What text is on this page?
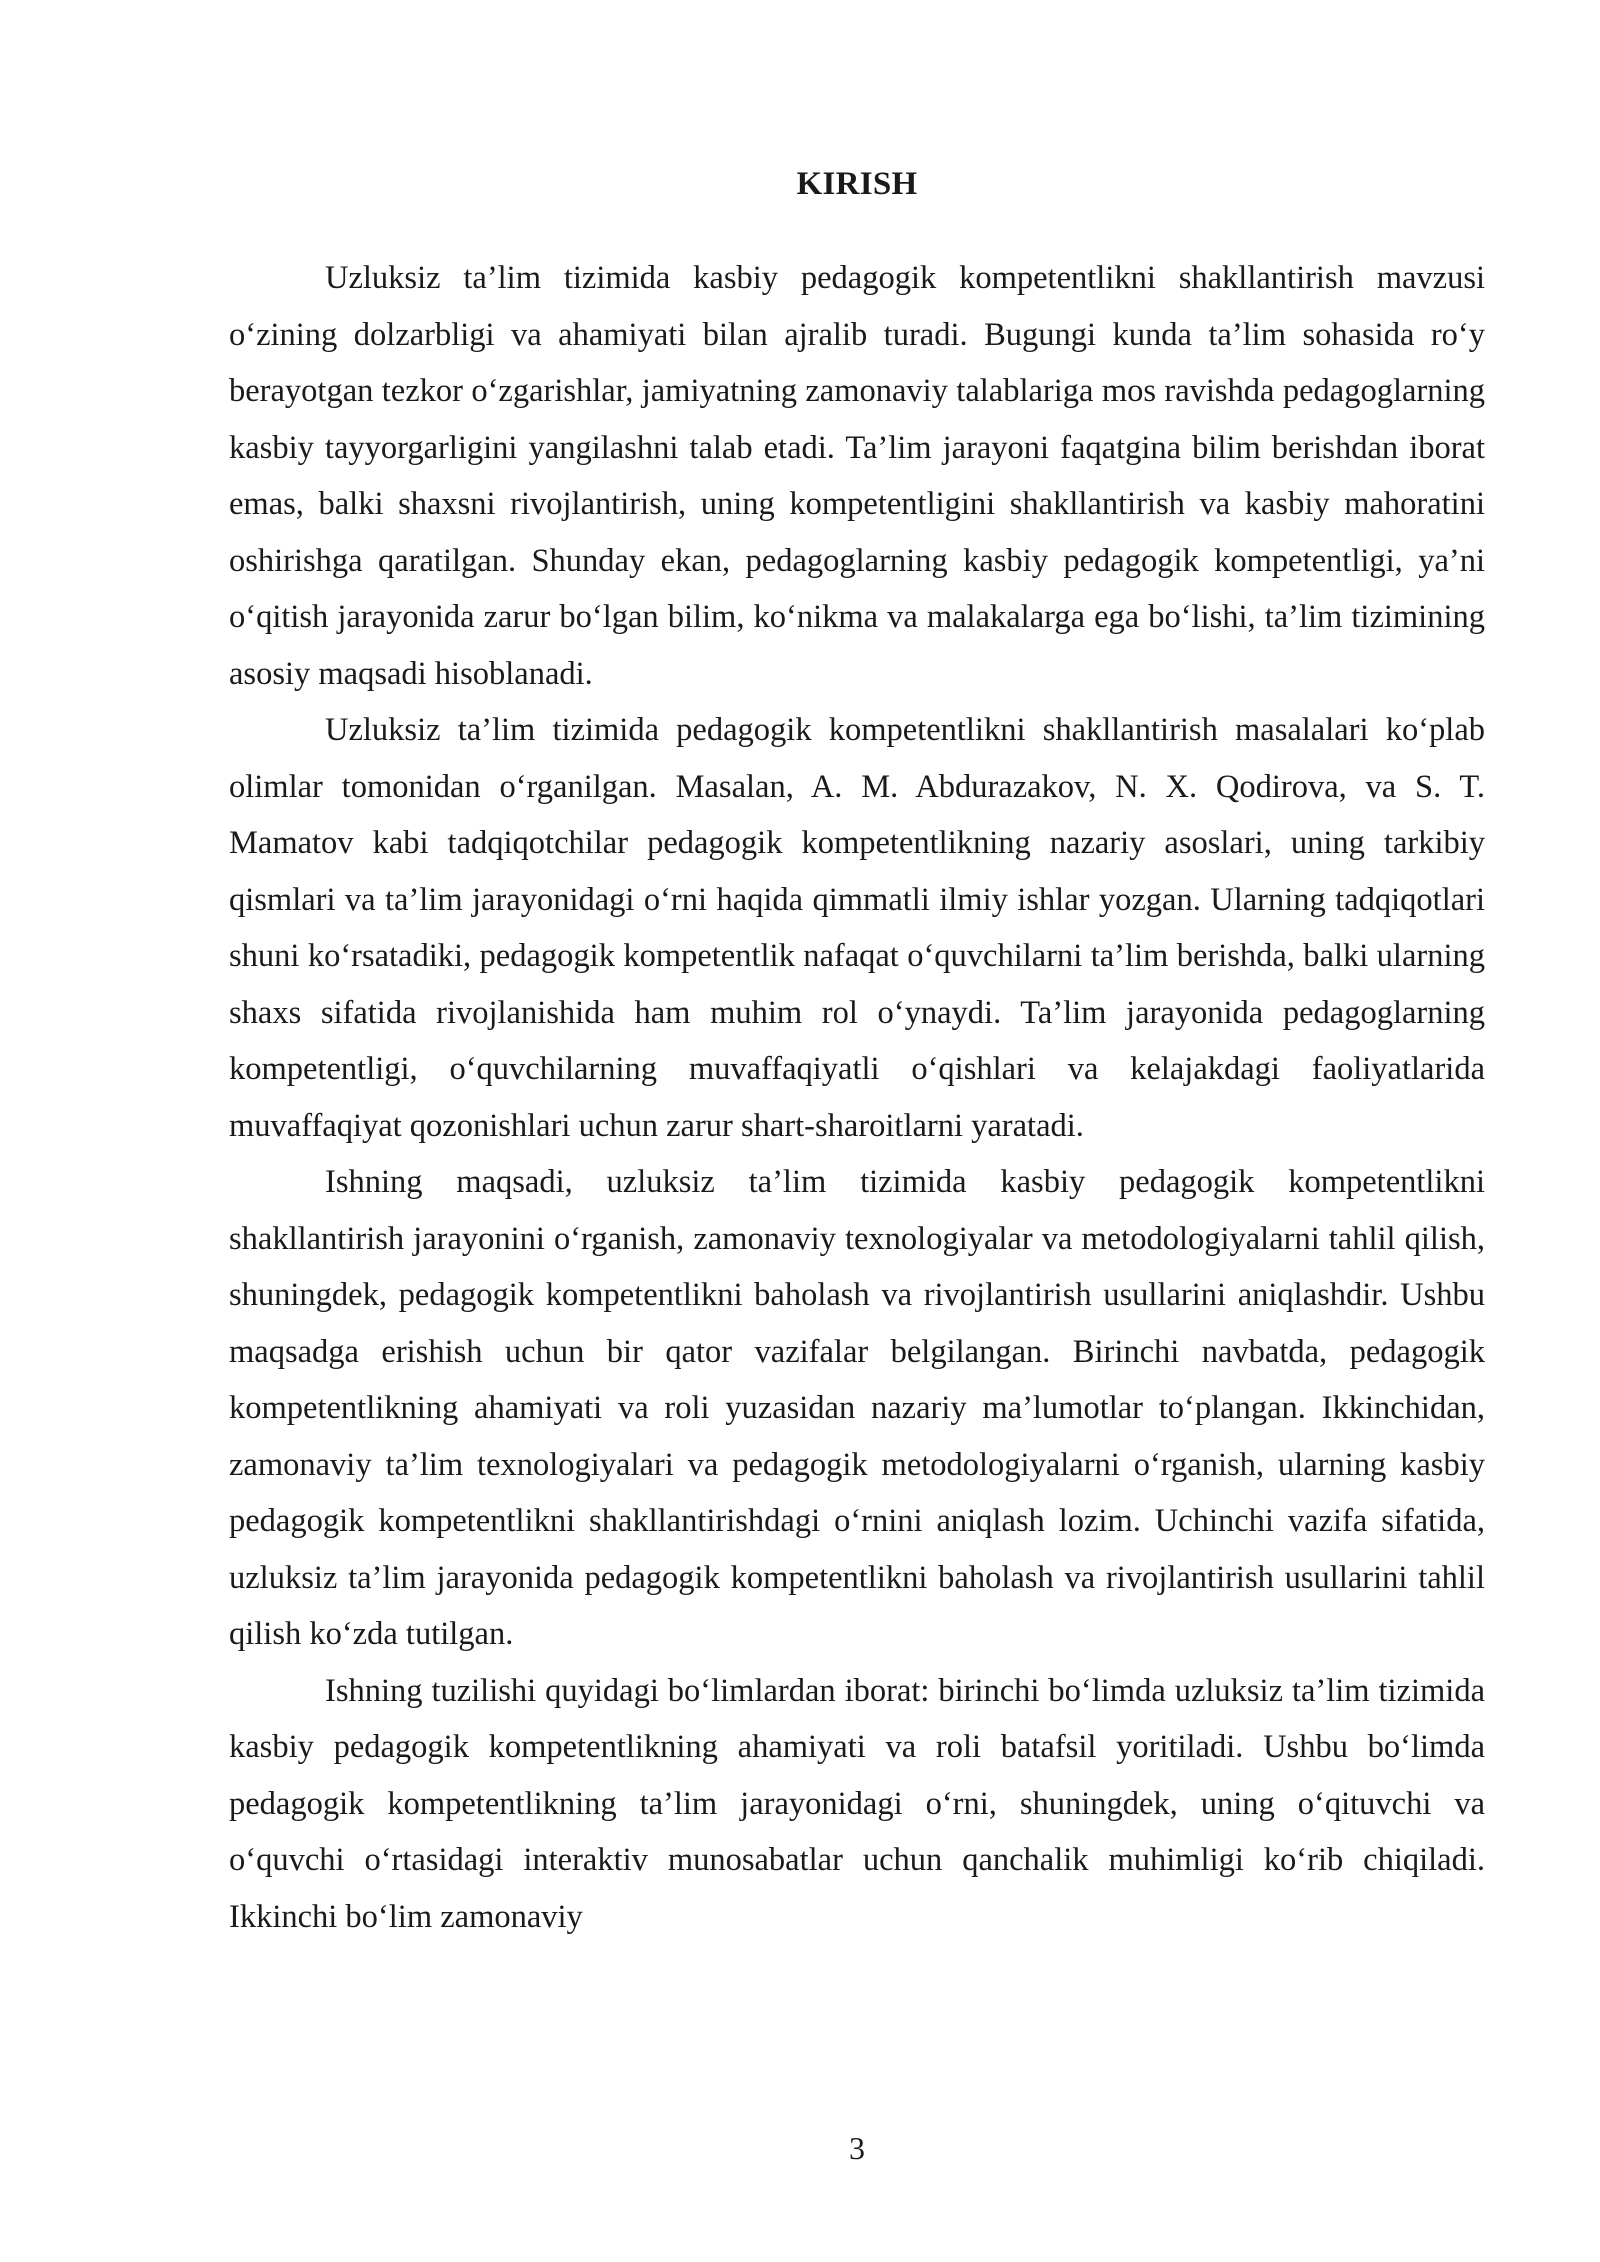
KIRISH

Uzluksiz ta’lim tizimida kasbiy pedagogik kompetentlikni shakllantirish mavzusi o‘zining dolzarbligi va ahamiyati bilan ajralib turadi. Bugungi kunda ta’lim sohasida ro‘y berayotgan tezkor o‘zgarishlar, jamiyatning zamonaviy talablariga mos ravishda pedagoglarning kasbiy tayyorgarligini yangilashni talab etadi. Ta’lim jarayoni faqatgina bilim berishdan iborat emas, balki shaxsni rivojlantirish, uning kompetentligini shakllantirish va kasbiy mahoratini oshirishga qaratilgan. Shunday ekan, pedagoglarning kasbiy pedagogik kompetentligi, ya’ni o‘qitish jarayonida zarur bo‘lgan bilim, ko‘nikma va malakalarga ega bo‘lishi, ta’lim tizimining asosiy maqsadi hisoblanadi.

Uzluksiz ta’lim tizimida pedagogik kompetentlikni shakllantirish masalalari ko‘plab olimlar tomonidan o‘rganilgan. Masalan, A. M. Abdurazakov, N. X. Qodirova, va S. T. Mamatov kabi tadqiqotchilar pedagogik kompetentlikning nazariy asoslari, uning tarkibiy qismlari va ta’lim jarayonidagi o‘rni haqida qimmatli ilmiy ishlar yozgan. Ularning tadqiqotlari shuni ko‘rsatadiki, pedagogik kompetentlik nafaqat o‘quvchilarni ta’lim berishda, balki ularning shaxs sifatida rivojlanishida ham muhim rol o‘ynaydi. Ta’lim jarayonida pedagoglarning kompetentligi, o‘quvchilarning muvaffaqiyatli o‘qishlari va kelajakdagi faoliyatlarida muvaffaqiyat qozonishlari uchun zarur shart-sharoitlarni yaratadi.

Ishning maqsadi, uzluksiz ta’lim tizimida kasbiy pedagogik kompetentlikni shakllantirish jarayonini o‘rganish, zamonaviy texnologiyalar va metodologiyalarni tahlil qilish, shuningdek, pedagogik kompetentlikni baholash va rivojlantirish usullarini aniqlashdir. Ushbu maqsadga erishish uchun bir qator vazifalar belgilangan. Birinchi navbatda, pedagogik kompetentlikning ahamiyati va roli yuzasidan nazariy ma’lumotlar to‘plangan. Ikkinchidan, zamonaviy ta’lim texnologiyalari va pedagogik metodologiyalarni o‘rganish, ularning kasbiy pedagogik kompetentlikni shakllantirishdagi o‘rnini aniqlash lozim. Uchinchi vazifa sifatida, uzluksiz ta’lim jarayonida pedagogik kompetentlikni baholash va rivojlantirish usullarini tahlil qilish ko‘zda tutilgan.

Ishning tuzilishi quyidagi bo‘limlardan iborat: birinchi bo‘limda uzluksiz ta’lim tizimida kasbiy pedagogik kompetentlikning ahamiyati va roli batafsil yoritiladi. Ushbu bo‘limda pedagogik kompetentlikning ta’lim jarayonidagi o‘rni, shuningdek, uning o‘qituvchi va o‘quvchi o‘rtasidagi interaktiv munosabatlar uchun qanchalik muhimligi ko‘rib chiqiladi. Ikkinchi bo‘lim zamonaviy

3
